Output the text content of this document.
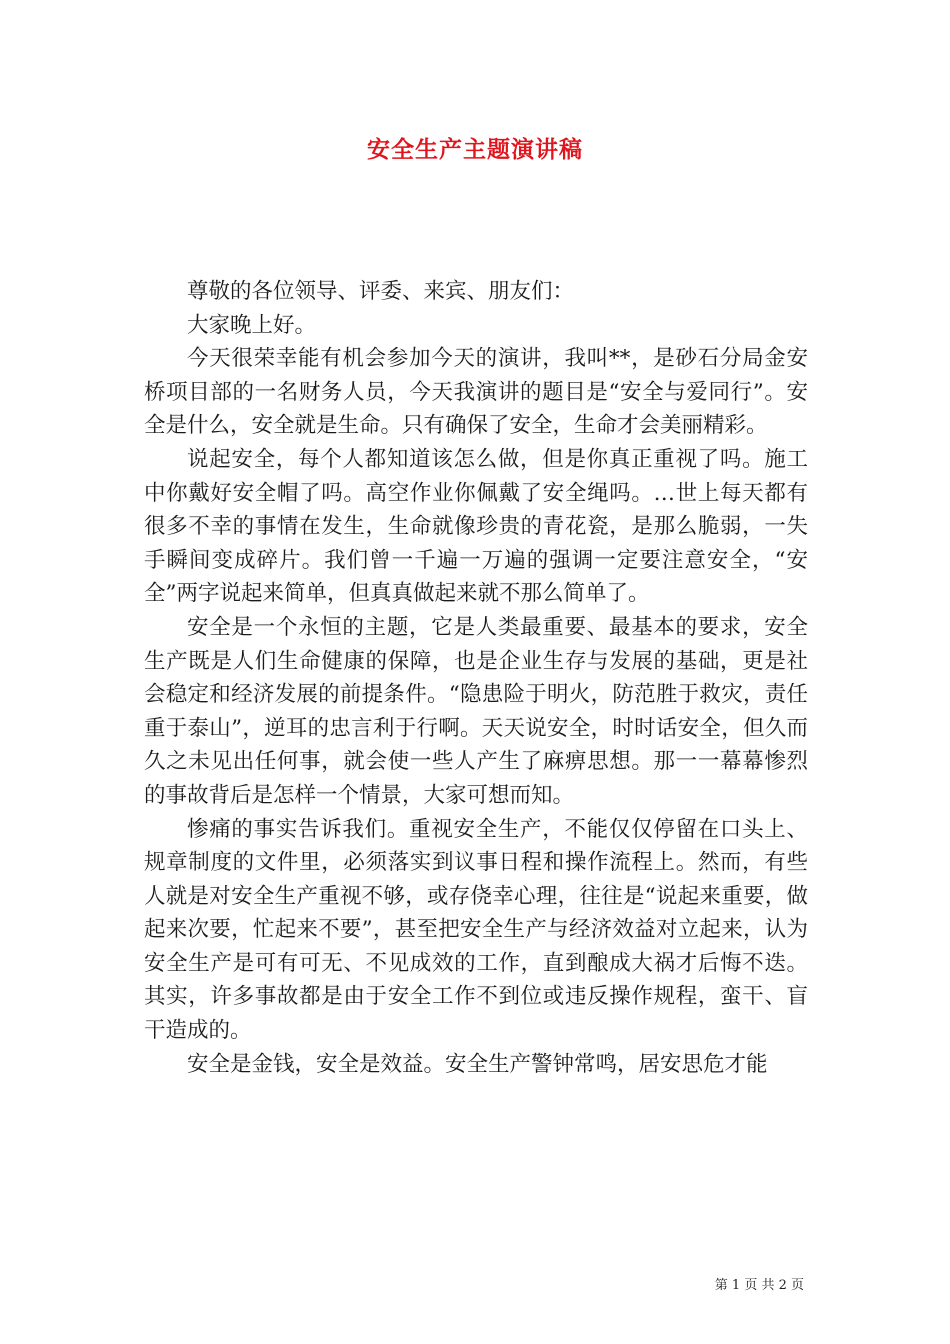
安全生产主题演讲稿

尊敬的各位领导、评委、来宾、朋友们：

大家晚上好。

今天很荣幸能有机会参加今天的演讲，我叫**，是砂石分局金安桥项目部的一名财务人员，今天我演讲的题目是“安全与爱同行”。安全是什么，安全就是生命。只有确保了安全，生命才会美丽精彩。

说起安全，每个人都知道该怎么做，但是你真正重视了吗。施工中你戴好安全帽了吗。高空作业你佩戴了安全绳吗。…世上每天都有很多不幸的事情在发生，生命就像珍贵的青花瓷，是那么脆弱，一失手瞬间变成碎片。我们曾一千遍一万遍的强调一定要注意安全，“安全”两字说起来简单，但真真做起来就不那么简单了。

安全是一个永恒的主题，它是人类最重要、最基本的要求，安全生产既是人们生命健康的保障，也是企业生存与发展的基础，更是社会稳定和经济发展的前提条件。“隐患险于明火，防范胜于救灾，责任重于泰山”，逆耳的忠言利于行啊。天天说安全，时时话安全，但久而久之未见出任何事，就会使一些人产生了麻痹思想。那一一幕幕惨烈的事故背后是怎样一个情景，大家可想而知。

惨痛的事实告诉我们。重视安全生产，不能仅仅停留在口头上、规章制度的文件里，必须落实到议事日程和操作流程上。然而，有些人就是对安全生产重视不够，或存侥幸心理，往往是“说起来重要，做起来次要，忙起来不要”，甚至把安全生产与经济效益对立起来，认为安全生产是可有可无、不见成效的工作，直到酿成大祸才后悔不迭。其实，许多事故都是由于安全工作不到位或违反操作规程，蛮干、盲干造成的。

安全是金钱，安全是效益。安全生产警钟常鸣，居安思危才能

第 1 页 共 2 页
